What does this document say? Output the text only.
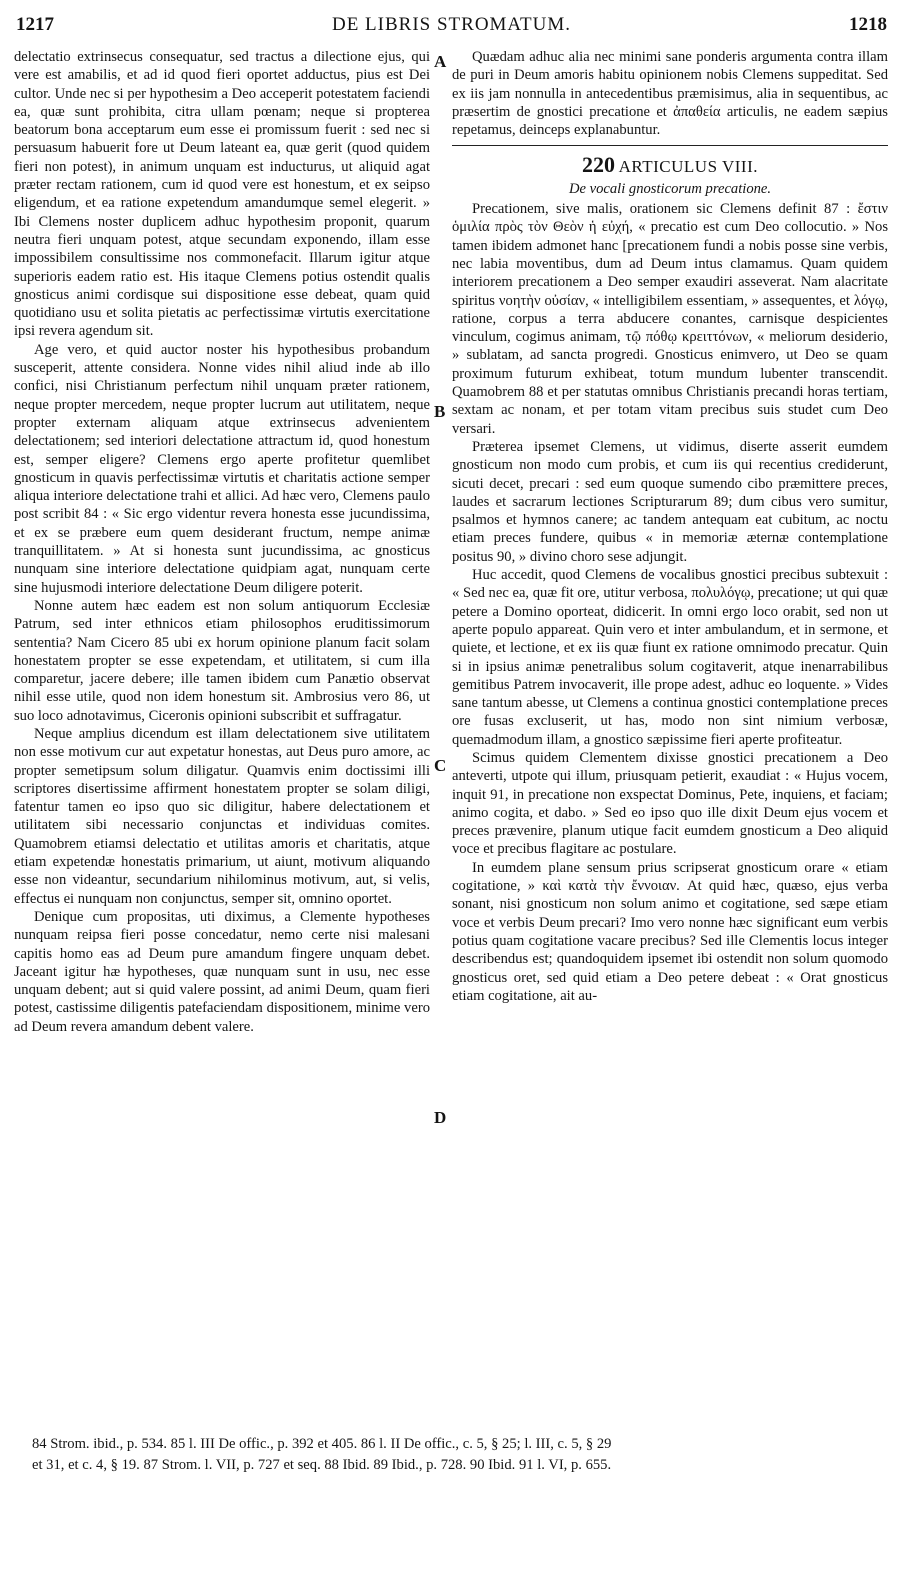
1217	DE LIBRIS STROMATUM.	1218
A
B
C
D

delectatio extrinsecus consequatur, sed tractus a dilectione ejus, qui vere est amabilis, et ad id quod fieri oportet adductus, pius est Dei cultor. Unde nec si per hypothesim a Deo acceperit potestatem faciendi ea, quæ sunt prohibita, citra ullam pœnam; neque si propterea beatorum bona acceptarum eum esse ei promissum fuerit : sed nec si persuasum habuerit fore ut Deum lateant ea, quæ gerit (quod quidem fieri non potest), in animum unquam est inducturus, ut aliquid agat præter rectam rationem, cum id quod vere est honestum, et ex seipso eligendum, et ea ratione expetendum amandumque semel elegerit. » Ibi Clemens noster duplicem adhuc hypothesim proponit, quarum neutra fieri unquam potest, atque secundam exponendo, illam esse impossibilem consultissime nos commonefacit. Illarum igitur atque superioris eadem ratio est. His itaque Clemens potius ostendit qualis gnosticus animi cordisque sui dispositione esse debeat, quam quid quotidiano usu et solita pietatis ac perfectissimæ virtutis exercitatione ipsi revera agendum sit.

Age vero, et quid auctor noster his hypothesibus probandum susceperit, attente considera. Nonne vides nihil aliud inde ab illo confici, nisi Christianum perfectum nihil unquam præter rationem, neque propter mercedem, neque propter lucrum aut utilitatem, neque propter externam aliquam atque extrinsecus advenientem delectationem; sed interiori delectatione attractum id, quod honestum est, semper eligere? Clemens ergo aperte profitetur quemlibet gnosticum in quavis perfectissimæ virtutis et charitatis actione semper aliqua interiore delectatione trahi et allici. Ad hæc vero, Clemens paulo post scribit 84 : « Sic ergo videntur revera honesta esse jucundissima, et ex se præbere eum quem desiderant fructum, nempe animæ tranquillitatem. » At si honesta sunt jucundissima, ac gnosticus nunquam sine interiore delectatione quidpiam agat, nunquam certe sine hujusmodi interiore delectatione Deum diligere poterit.

Nonne autem hæc eadem est non solum antiquorum Ecclesiæ Patrum, sed inter ethnicos etiam philosophos eruditissimorum sententia? Nam Cicero 85 ubi ex horum opinione planum facit solam honestatem propter se esse expetendam, et utilitatem, si cum illa comparetur, jacere debere; ille tamen ibidem cum Panætio observat nihil esse utile, quod non idem honestum sit. Ambrosius vero 86, ut suo loco adnotavimus, Ciceronis opinioni subscribit et suffragatur.

Neque amplius dicendum est illam delectationem sive utilitatem non esse motivum cur aut expetatur honestas, aut Deus puro amore, ac propter semetipsum solum diligatur. Quamvis enim doctissimi illi scriptores disertissime affirment honestatem propter se solam diligi, fatentur tamen eo ipso quo sic diligitur, habere delectationem et utilitatem sibi necessario conjunctas et individuas comites. Quamobrem etiamsi delectatio et utilitas amoris et charitatis, atque etiam expetendæ honestatis primarium, ut aiunt, motivum aliquando esse non videantur, secundarium nihilominus motivum, aut, si velis, effectus ei nunquam non conjunctus, semper sit, omnino oportet.

Denique cum propositas, uti diximus, a Clemente hypotheses nunquam reipsa fieri posse concedatur, nemo certe nisi malesani capitis homo eas ad Deum pure amandum fingere unquam debet. Jaceant igitur hæ hypotheses, quæ nunquam sunt in usu, nec esse unquam debent; aut si quid valere possint, ad animi Deum, quam fieri potest, castissime diligentis patefaciendam dispositionem, minime vero ad Deum revera amandum debent valere.

Quædam adhuc alia nec minimi sane ponderis argumenta contra illam de puri in Deum amoris habitu opinionem nobis Clemens suppeditat. Sed ex iis jam nonnulla in antecedentibus præmisimus, alia in sequentibus, ac præsertim de gnostici precatione et ἀπαθεία articulis, ne eadem sæpius repetamus, deinceps explanabuntur.

220 ARTICULUS VIII.
De vocali gnosticorum precatione.

Precationem, sive malis, orationem sic Clemens definit 87 : ἔστιν ὁμιλία πρὸς τὸν Θεὸν ἡ εὐχή, « precatio est cum Deo collocutio. » Nos tamen ibidem admonet hanc [precationem fundi a nobis posse sine verbis, nec labia moventibus, dum ad Deum intus clamamus. Quam quidem interiorem precationem a Deo semper exaudiri asseverat. Nam alacritate spiritus νοητὴν οὐσίαν, « intelligibilem essentiam, » assequentes, et λόγῳ, ratione, corpus a terra abducere conantes, carnisque despicientes vinculum, cogimus animam, τῷ πόθῳ κρειττόνων, « meliorum desiderio, » sublatam, ad sancta progredi. Gnosticus enimvero, ut Deo se quam proximum futurum exhibeat, totum mundum lubenter transcendit. Quamobrem 88 et per statutas omnibus Christianis precandi horas tertiam, sextam ac nonam, et per totam vitam precibus suis studet cum Deo versari.

Præterea ipsemet Clemens, ut vidimus, diserte asserit eumdem gnosticum non modo cum probis, et cum iis qui recentius crediderunt, sicuti decet, precari : sed eum quoque sumendo cibo præmittere preces, laudes et sacrarum lectiones Scripturarum 89; dum cibus vero sumitur, psalmos et hymnos canere; ac tandem antequam eat cubitum, ac noctu etiam preces fundere, quibus « in memoriæ æternæ contemplatione positus 90, » divino choro sese adjungit.

Huc accedit, quod Clemens de vocalibus gnostici precibus subtexuit : « Sed nec ea, quæ fit ore, utitur verbosa, πολυλόγῳ, precatione; ut qui quæ petere a Domino oporteat, didicerit. In omni ergo loco orabit, sed non ut aperte populo appareat. Quin vero et inter ambulandum, et in sermone, et quiete, et lectione, et ex iis quæ fiunt ex ratione omnimodo precatur. Quin si in ipsius animæ penetralibus solum cogitaverit, atque inenarrabilibus gemitibus Patrem invocaverit, ille prope adest, adhuc eo loquente. » Vides sane tantum abesse, ut Clemens a continua gnostici contemplatione preces ore fusas excluserit, ut has, modo non sint nimium verbosæ, quemadmodum illam, a gnostico sæpissime fieri aperte profiteatur.

Scimus quidem Clementem dixisse gnostici precationem a Deo anteverti, utpote qui illum, priusquam petierit, exaudiat : « Hujus vocem, inquit 91, in precatione non exspectat Dominus, Pete, inquiens, et faciam; animo cogita, et dabo. » Sed eo ipso quo ille dixit Deum ejus vocem et preces prævenire, planum utique facit eumdem gnosticum a Deo aliquid voce et precibus flagitare ac postulare.

In eumdem plane sensum prius scripserat gnosticum orare « etiam cogitatione, » καὶ κατὰ τὴν ἔννοιαν. At quid hæc, quæso, ejus verba sonant, nisi gnosticum non solum animo et cogitatione, sed sæpe etiam voce et verbis Deum precari? Imo vero nonne hæc significant eum verbis potius quam cogitatione vacare precibus? Sed ille Clementis locus integer describendus est; quandoquidem ipsemet ibi ostendit non solum quomodo gnosticus oret, sed quid etiam a Deo petere debeat : « Orat gnosticus etiam cogitatione, ait au-

84 Strom. ibid., p. 534. 85 l. III De offic., p. 392 et 405. 86 l. II De offic., c. 5, § 25; l. III, c. 5, § 29

et 31, et c. 4, § 19. 87 Strom. l. VII, p. 727 et seq. 88 Ibid. 89 Ibid., p. 728. 90 Ibid. 91 l. VI, p. 655.
